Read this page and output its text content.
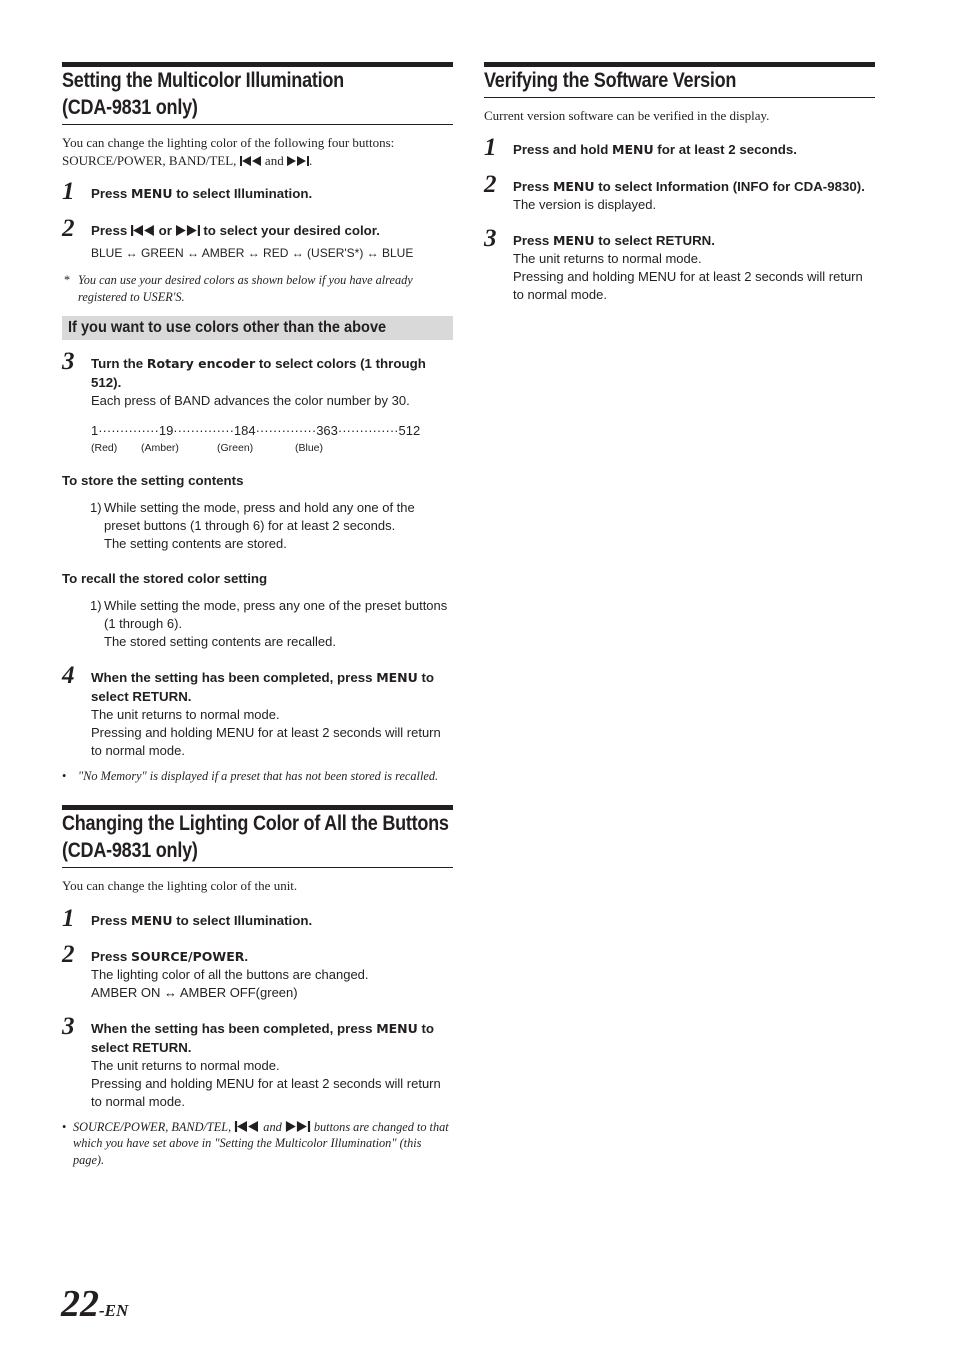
Setting the Multicolor Illumination
(CDA-9831 only)
You can change the lighting color of the following four buttons:
SOURCE/POWER, BAND/TEL,  and .
1 Press MENU to select Illumination.
2 Press  or  to select your desired color.
BLUE ↔ GREEN ↔ AMBER ↔ RED ↔ (USER'S*) ↔ BLUE
* You can use your desired colors as shown below if you have already registered to USER'S.
If you want to use colors other than the above
3 Turn the Rotary encoder to select colors (1 through 512).
Each press of BAND advances the color number by 30.
1··············19··············184··············363··············512
(Red) (Amber)	(Green)	(Blue)
To store the setting contents
1) While setting the mode, press and hold any one of the preset buttons (1 through 6) for at least 2 seconds.
The setting contents are stored.
To recall the stored color setting
1) While setting the mode, press any one of the preset buttons (1 through 6).
The stored setting contents are recalled.
4 When the setting has been completed, press MENU to select RETURN.
The unit returns to normal mode.
Pressing and holding MENU for at least 2 seconds will return to normal mode.
• "No Memory" is displayed if a preset that has not been stored is recalled.
Changing the Lighting Color of All the Buttons
(CDA-9831 only)
You can change the lighting color of the unit.
1 Press MENU to select Illumination.
2 Press SOURCE/POWER.
The lighting color of all the buttons are changed.
AMBER ON ↔ AMBER OFF(green)
3 When the setting has been completed, press MENU to select RETURN.
The unit returns to normal mode.
Pressing and holding MENU for at least 2 seconds will return to normal mode.
• SOURCE/POWER, BAND/TEL,  and  buttons are changed to that which you have set above in "Setting the Multicolor Illumination" (this page).
Verifying the Software Version
Current version software can be verified in the display.
1 Press and hold MENU for at least 2 seconds.
2 Press MENU to select Information (INFO for CDA-9830).
The version is displayed.
3 Press MENU to select RETURN.
The unit returns to normal mode.
Pressing and holding MENU for at least 2 seconds will return to normal mode.
22-EN
